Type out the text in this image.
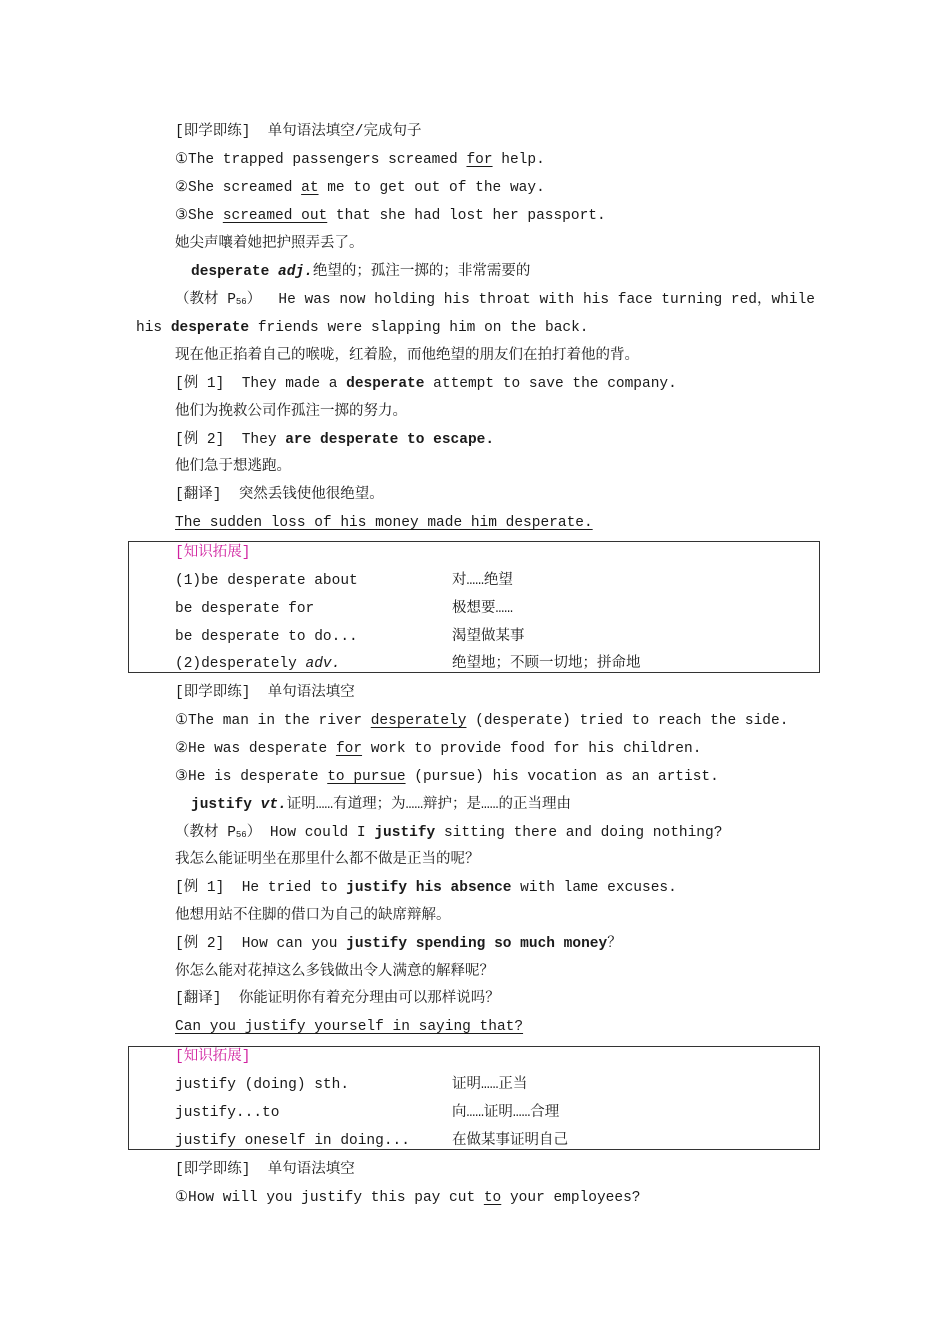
[即学即练]  单句语法填空/完成句子
①The trapped passengers screamed for help.
②She screamed at me to get out of the way.
③She screamed out that she had lost her passport.
她尖声嚷着她把护照弄丢了。
desperate adj.绝望的；孤注一掷的；非常需要的
（教材 P56） He was now holding his throat with his face turning red，while
his desperate friends were slapping him on the back.
现在他正掐着自己的喉咙，红着脸，而他绝望的朋友们在拍打着他的背。
[例 1]  They made a desperate attempt to save the company.
他们为挽救公司作孤注一掷的努力。
[例 2]  They are desperate to escape.
他们急于想逃跑。
[翻译]  突然丢钱使他很绝望。
The sudden loss of his money made him desperate.
[知识拓展]
(1)be desperate about	对……绝望
be desperate for	极想要……
be desperate to do...	渴望做某事
(2)desperately adv.	绝望地；不顾一切地；拼命地
[即学即练]  单句语法填空
①The man in the river desperately (desperate) tried to reach the side.
②He was desperate for work to provide food for his children.
③He is desperate to pursue (pursue) his vocation as an artist.
justify vt.证明……有道理；为……辩护；是……的正当理由
（教材 P56） How could I justify sitting there and doing nothing?
我怎么能证明坐在那里什么都不做是正当的呢？
[例 1]  He tried to justify his absence with lame excuses.
他想用站不住脚的借口为自己的缺席辩解。
[例 2]  How can you justify spending so much money？
你怎么能对花掉这么多钱做出令人满意的解释呢？
[翻译]  你能证明你有着充分理由可以那样说吗？
Can you justify yourself in saying that?
[知识拓展]
justify (doing) sth.	证明……正当
justify...to	向……证明……合理
justify oneself in doing...	在做某事证明自己
[即学即练]  单句语法填空
①How will you justify this pay cut to your employees?
